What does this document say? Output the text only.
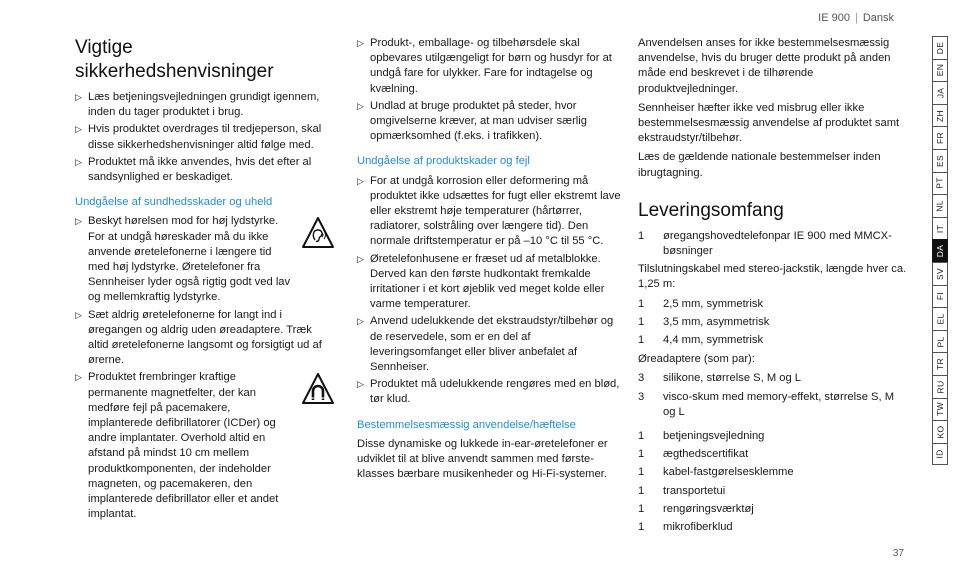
IE 900 | Dansk
Vigtige sikkerhedshenvisninger
▷ Læs betjeningsvejledningen grundigt igennem, inden du tager produktet i brug.
▷ Hvis produktet overdrages til tredjeperson, skal disse sikkerhedshenvisninger altid følge med.
▷ Produktet må ikke anvendes, hvis det efter al sandsynlighed er beskadiget.
Undgåelse af sundhedsskader og uheld
▷ Beskyt hørelsen mod for høj lydstyrke. For at undgå høreskader må du ikke anvende øretelefonerne i længere tid med høj lydstyrke. Øretelefoner fra Sennheiser lyder også rigtig godt ved lav og mellemkraftig lydstyrke.
▷ Sæt aldrig øretelefonerne for langt ind i øregangen og aldrig uden øreadaptere. Træk altid øretelefonerne langsomt og forsigtigt ud af ørerne.
▷ Produktet frembringer kraftige permanente magnetfelter, der kan medføre fejl på pacemakere, implanterede defibrillatorer (ICDer) og andre implantater. Overhold altid en afstand på mindst 10 cm mellem produktkomponenten, der indeholder magneten, og pacemakeren, den implanterede defibrillator eller et andet implantat.
▷ Produkt-, emballage- og tilbehørsdele skal opbevares utilgængeligt for børn og husdyr for at undgå fare for ulykker. Fare for indtagelse og kvælning.
▷ Undlad at bruge produktet på steder, hvor omgivelserne kræver, at man udviser særlig opmærksomhed (f.eks. i trafikken).
Undgåelse af produktskader og fejl
▷ For at undgå korrosion eller deformering må produktet ikke udsættes for fugt eller ekstremt lave eller ekstremt høje temperaturer (hårtørrer, radiatorer, solstråling over længere tid). Den normale driftstemperatur er på –10 °C til 55 °C.
▷ Øretelefonhusene er fræset ud af metalblokke. Derved kan den første hudkontakt fremkalde irritationer i et kort øjeblik ved meget kolde eller varme temperaturer.
▷ Anvend udelukkende det ekstraudstyr/tilbehør og de reservedele, som er en del af leveringsomfanget eller bliver anbefalet af Sennheiser.
▷ Produktet må udelukkende rengøres med en blød, tør klud.
Bestemmelsesmæssig anvendelse/hæftelse

Disse dynamiske og lukkede in-ear-øretelefoner er udviklet til at blive anvendt sammen med førsteklasses bærbare musikenheder og Hi-Fi-systemer.

Anvendelsen anses for ikke bestemmelsesmæssig anvendelse, hvis du bruger dette produkt på anden måde end beskrevet i de tilhørende produktvejledninger.

Sennheiser hæfter ikke ved misbrug eller ikke bestemmelsesmæssig anvendelse af produktet samt ekstraudstyr/tilbehør.

Læs de gældende nationale bestemmelser inden ibrugtagning.

Leveringsomfang
1	øregangshovedtelefonpar IE 900 med MMCX-bøsninger

Tilslutningskabel med stereo-jackstik, længde hver ca. 1,25 m:

1	2,5 mm, symmetrisk
1	3,5 mm, asymmetrisk
1	4,4 mm, symmetrisk

Øreadaptere (som par):

3	silikone, størrelse S, M og L
3	visco-skum med memory-effekt, størrelse S, M og L
1	betjeningsvejledning
1	ægthedscertifikat
1	kabel-fastgørelsesklemme
1	transportetui
1	rengøringsværktøj
1	mikrofiberklud
DE
EN
JA
ZH
FR
ES
PT
NL
IT
DA
SV
FI
EL
PL
TR
RU
TW
KO
ID
37
